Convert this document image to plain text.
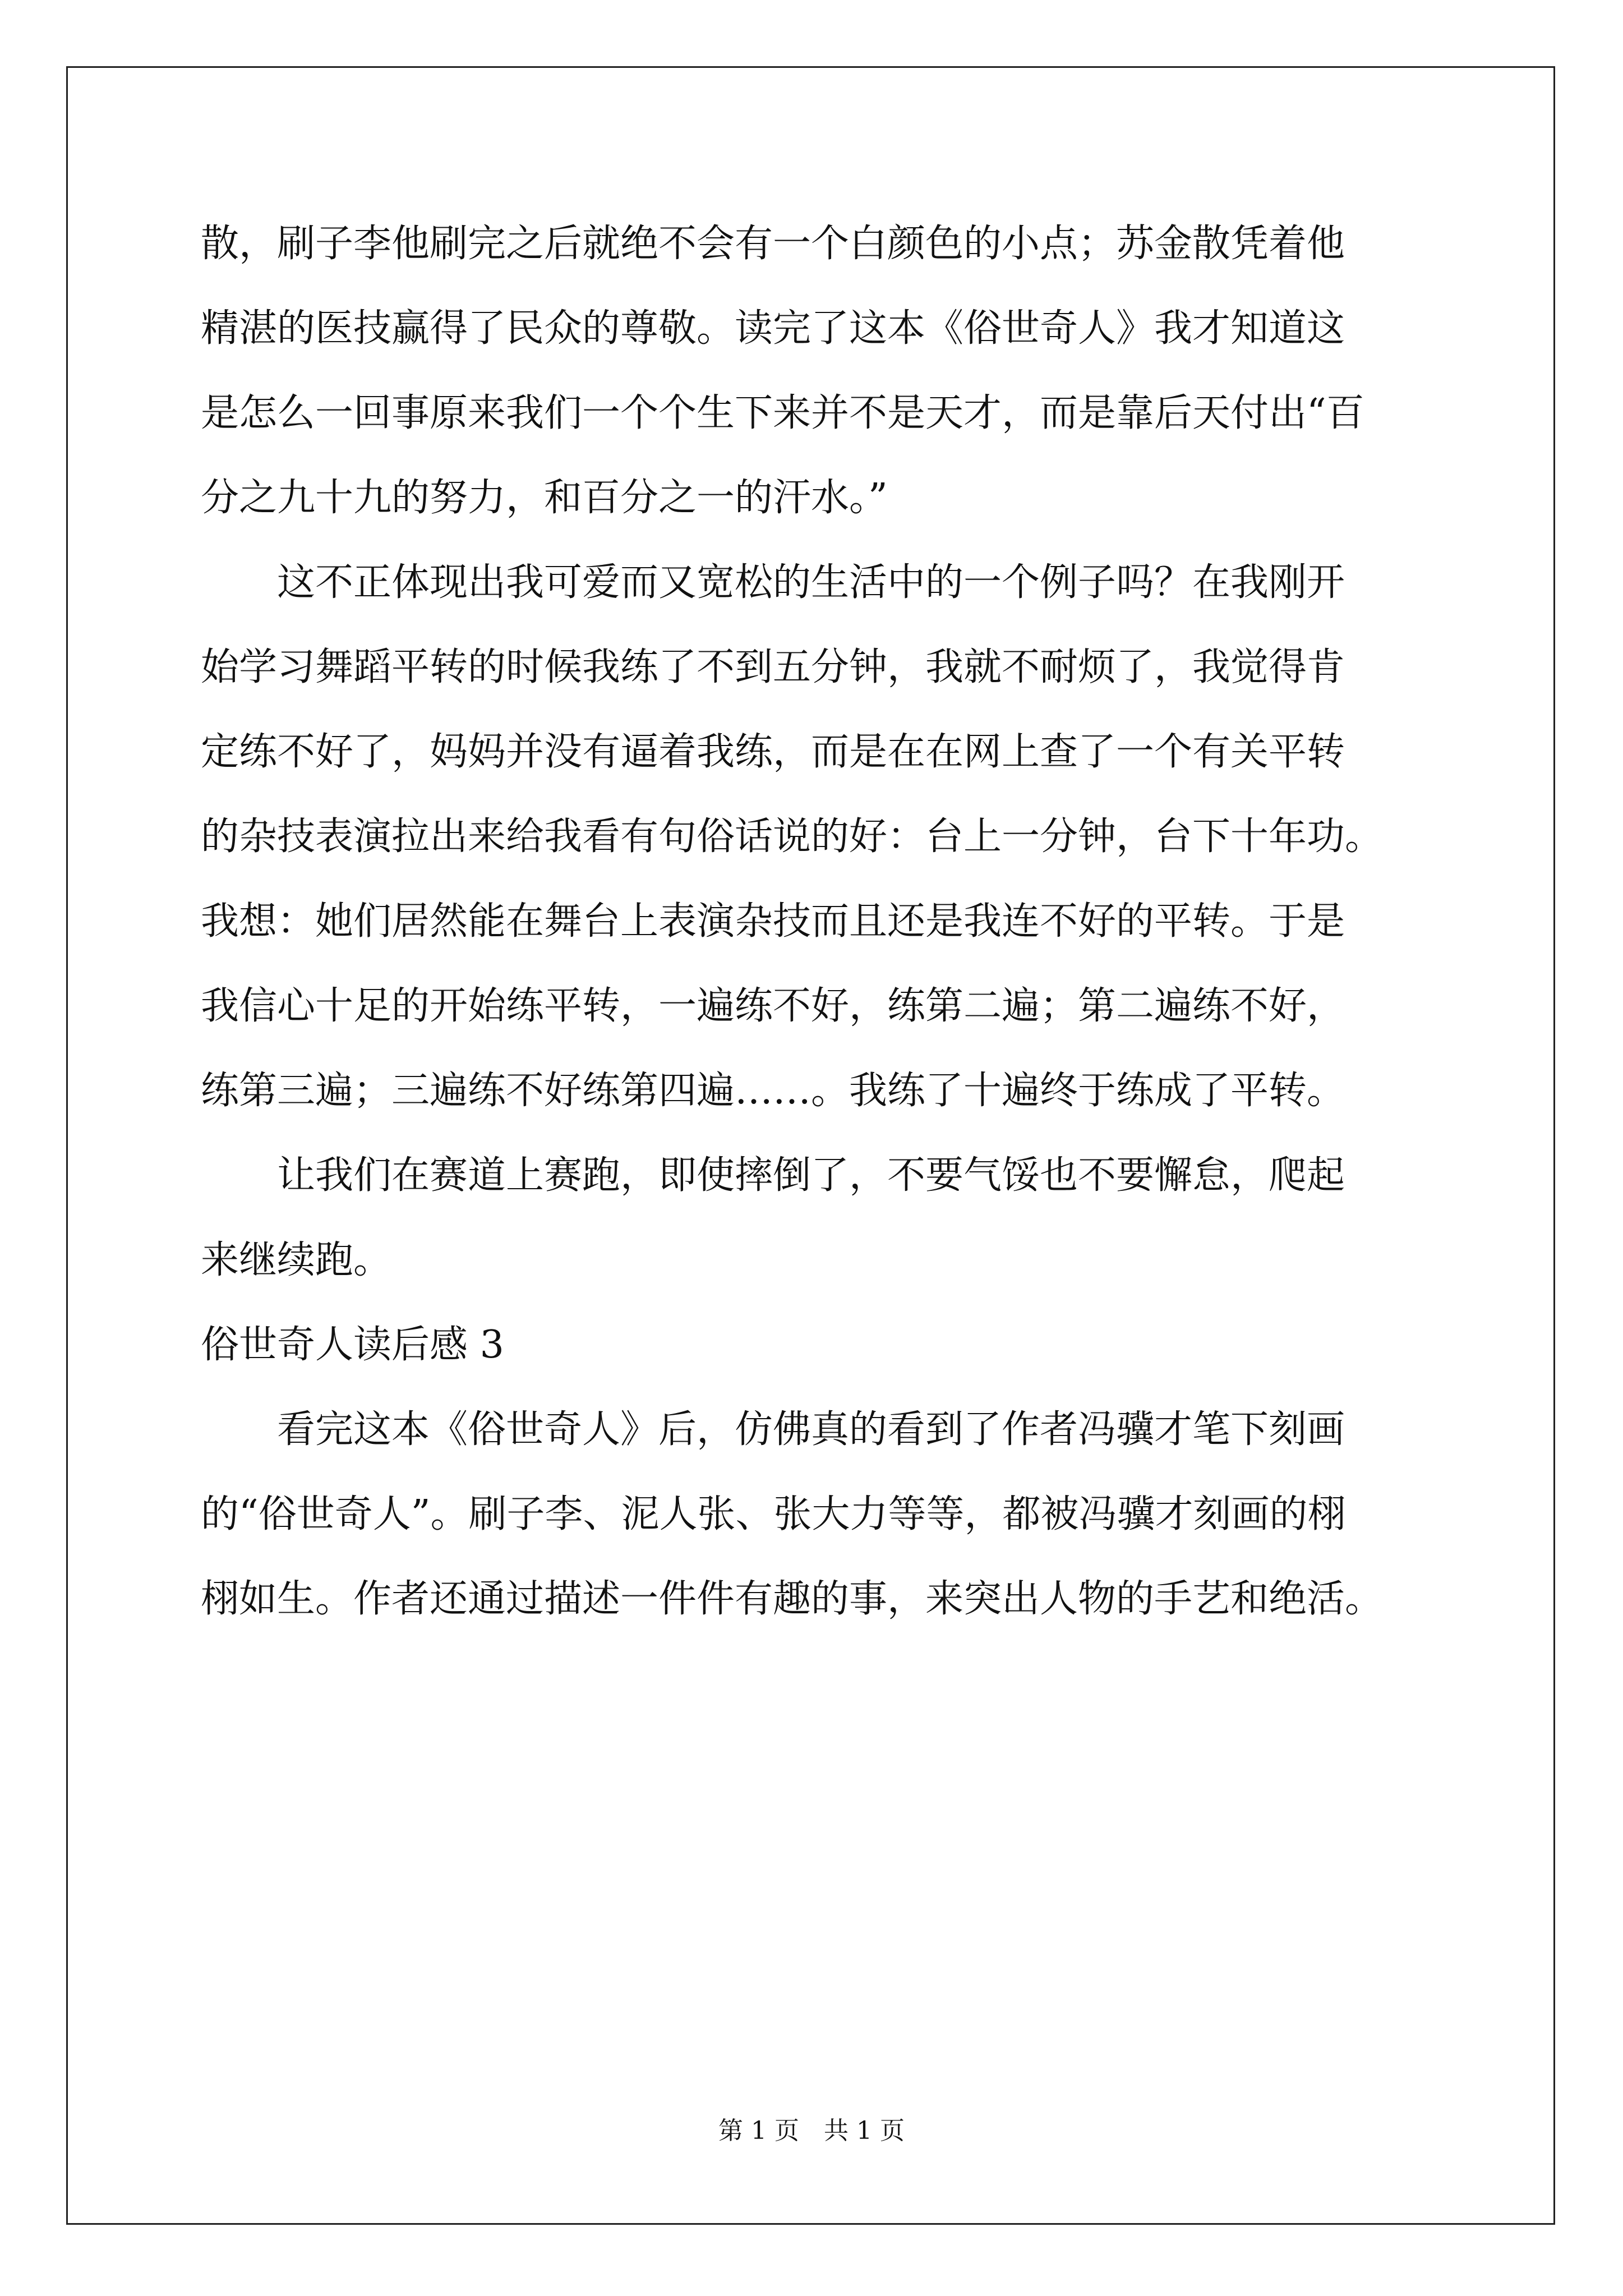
散，刷子李他刷完之后就绝不会有一个白颜色的小点；苏金散凭着他
精湛的医技赢得了民众的尊敬。读完了这本《俗世奇人》我才知道这
是怎么一回事原来我们一个个生下来并不是天才，而是靠后天付出“百
分之九十九的努力，和百分之一的汗水。”
这不正体现出我可爱而又宽松的生活中的一个例子吗？在我刚开
始学习舞蹈平转的时候我练了不到五分钟，我就不耐烦了，我觉得肯
定练不好了，妈妈并没有逼着我练，而是在在网上查了一个有关平转
的杂技表演拉出来给我看有句俗话说的好：台上一分钟，台下十年功。
我想：她们居然能在舞台上表演杂技而且还是我连不好的平转。于是
我信心十足的开始练平转，一遍练不好，练第二遍；第二遍练不好，
练第三遍；三遍练不好练第四遍……。我练了十遍终于练成了平转。
让我们在赛道上赛跑，即使摔倒了，不要气馁也不要懈怠，爬起
来继续跑。
俗世奇人读后感 3
看完这本《俗世奇人》后，仿佛真的看到了作者冯骥才笔下刻画
的“俗世奇人”。刷子李、泥人张、张大力等等，都被冯骥才刻画的栩
栩如生。作者还通过描述一件件有趣的事，来突出人物的手艺和绝活。
第 1 页　共 1 页
